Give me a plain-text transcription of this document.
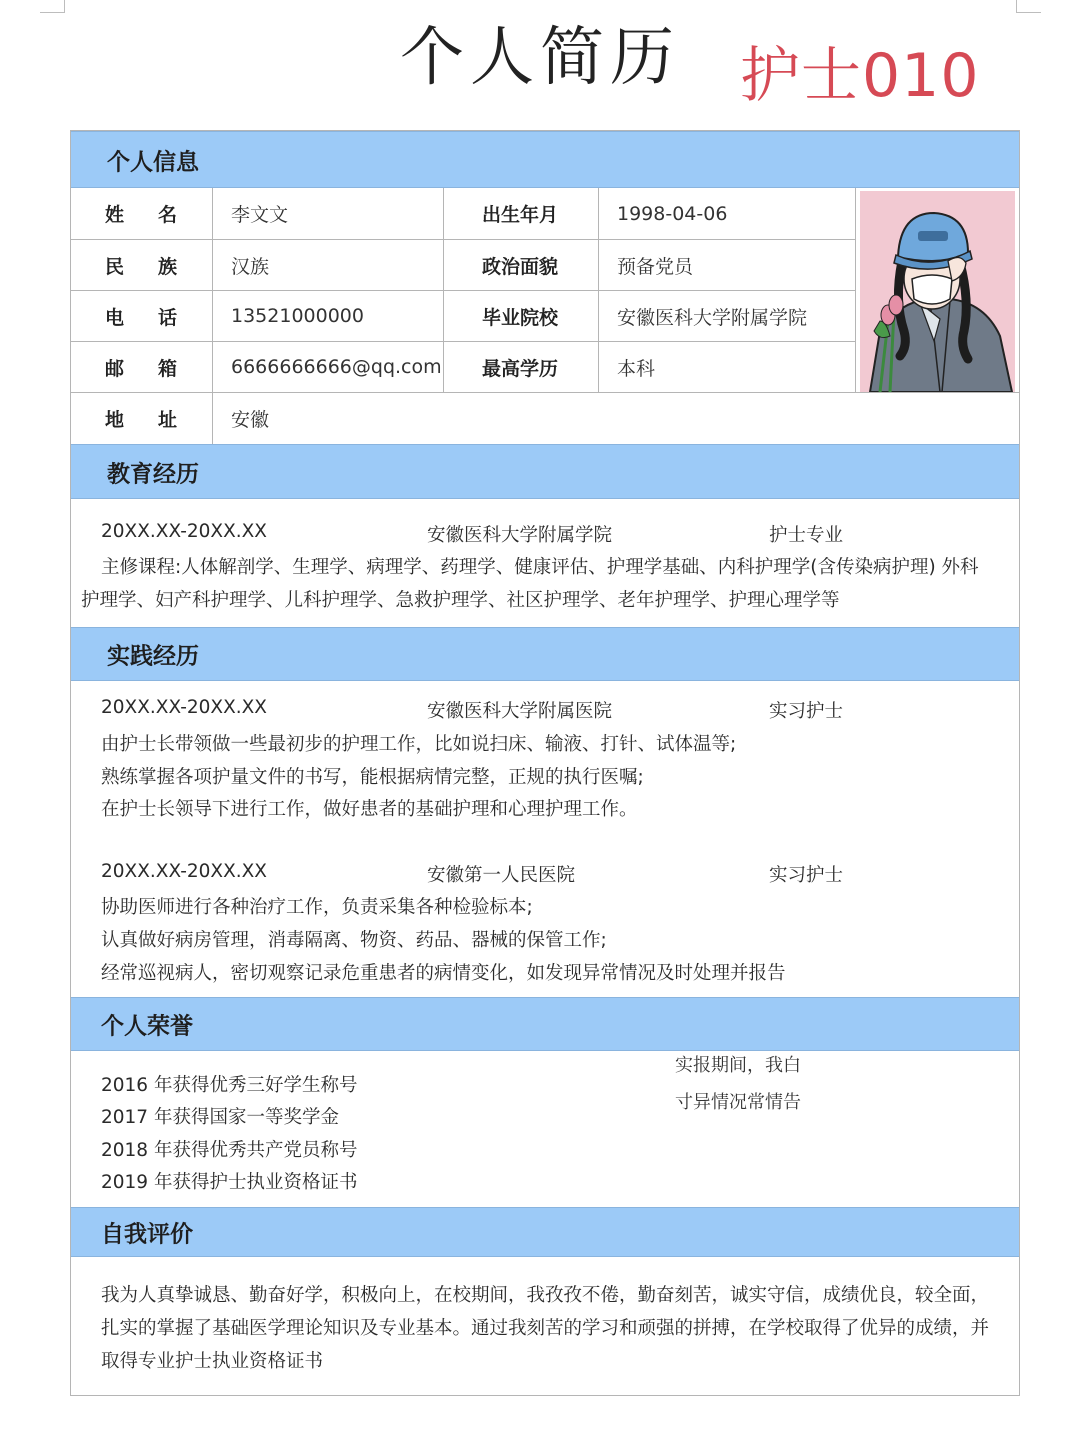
个人简历	护士010
个人信息
姓 名	李文文	出生年月	1998-04-06
民 族	汉族	政治面貌	预备党员
电 话	13521000000	毕业院校	安徽医科大学附属学院
邮 箱	6666666666@qq.com 最高学历	本科
地 址	安徽
教育经历
20XX.XX-20XX.XX	安徽医科大学附属学院	护士专业
主修课程:人体解剖学、生理学、病理学、药理学、健康评估、护理学基础、内科护理学(含传染病护理) 外科
护理学、妇产科护理学、儿科护理学、急救护理学、社区护理学、老年护理学、护理心理学等
实践经历
20XX.XX-20XX.XX	安徽医科大学附属医院	实习护士
由护士长带领做一些最初步的护理工作，比如说扫床、输液、打针、试体温等;
熟练掌握各项护量文件的书写，能根据病情完整，正规的执行医嘱;
在护士长领导下进行工作，做好患者的基础护理和心理护理工作。
20XX.XX-20XX.XX	安徽第一人民医院	实习护士
协助医师进行各种治疗工作，负责采集各种检验标本;
认真做好病房管理，消毒隔离、物资、药品、器械的保管工作;
经常巡视病人，密切观察记录危重患者的病情变化，如发现异常情况及时处理并报告
个人荣誉
2016 年获得优秀三好学生称号
2017 年获得国家一等奖学金
2018 年获得优秀共产党员称号
2019 年获得护士执业资格证书
实报期间，我白
寸异情况常情告
自我评价
我为人真挚诚恳、勤奋好学，积极向上，在校期间，我孜孜不倦，勤奋刻苦，诚实守信，成绩优良，较全面，
扎实的掌握了基础医学理论知识及专业基本。通过我刻苦的学习和顽强的拼搏，在学校取得了优异的成绩，并
取得专业护士执业资格证书
